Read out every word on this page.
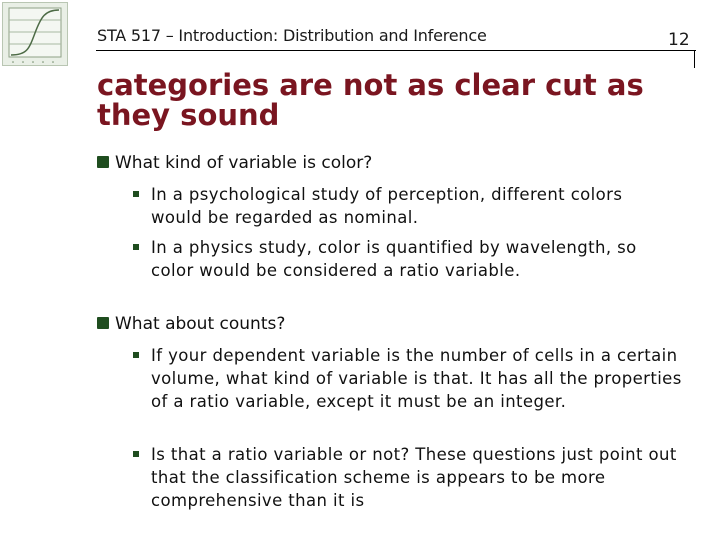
STA 517 – Introduction: Distribution and Inference	12
categories are not as clear cut as they sound
What kind of variable is color?
In a psychological study of perception, different colors would be regarded as nominal.
In a physics study, color is quantified by wavelength, so color would be considered a ratio variable.
What about counts?
If your dependent variable is the number of cells in a certain volume, what kind of variable is that. It has all the properties of a ratio variable, except it must be an integer.
Is that a ratio variable or not? These questions just point out that the classification scheme is appears to be more comprehensive than it is
